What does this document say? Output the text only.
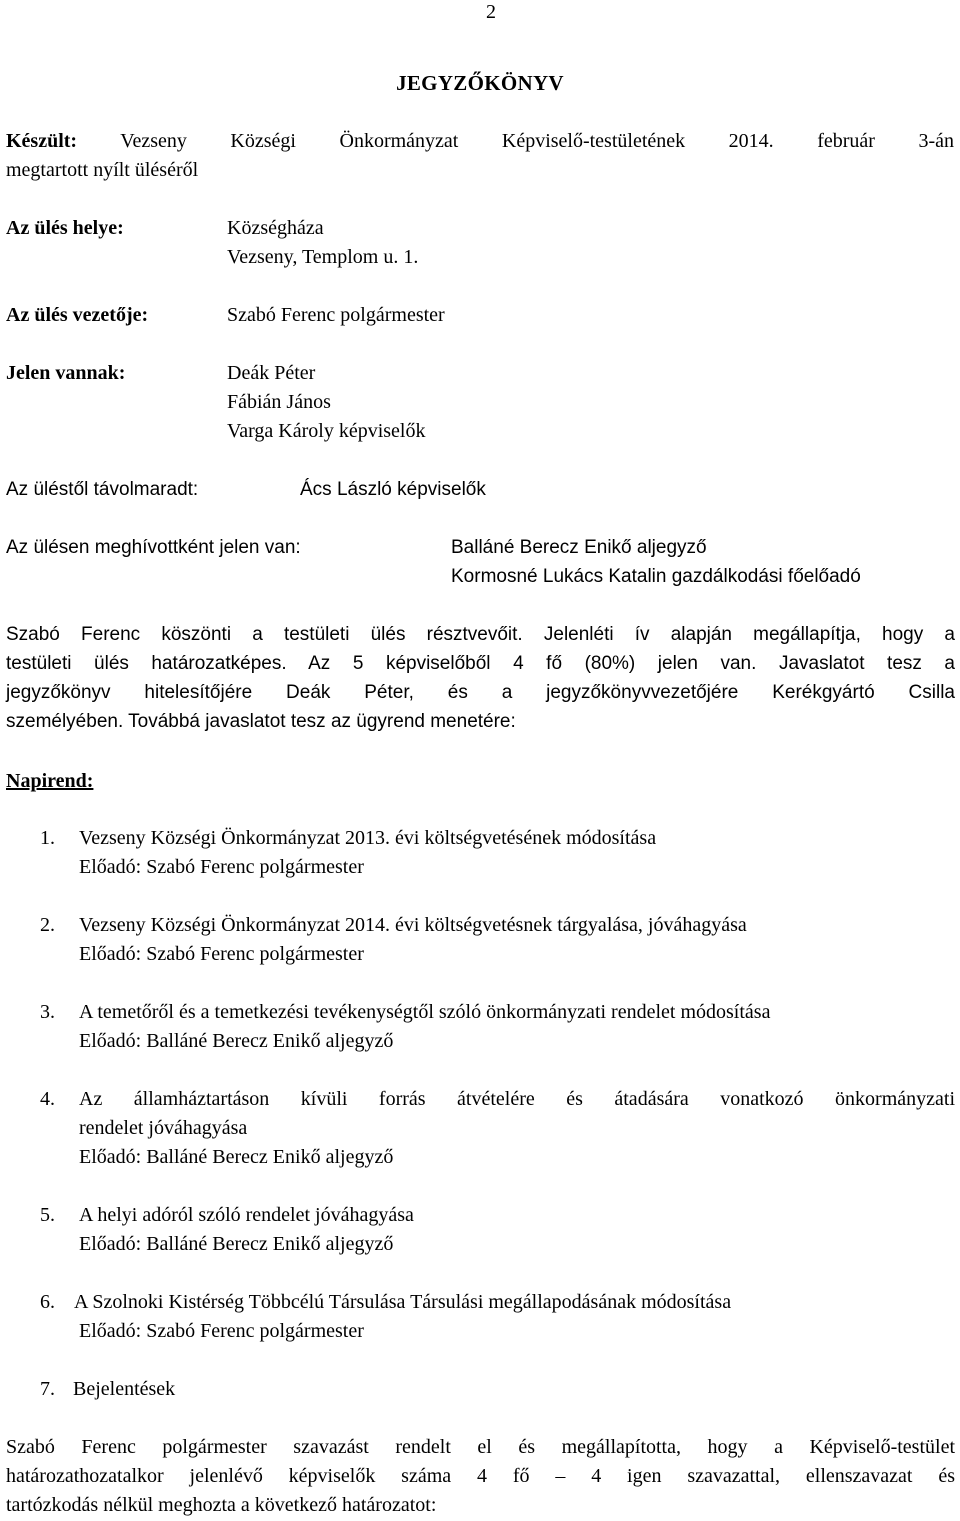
2
JEGYZŐKÖNYV
Készült: Vezseny Községi Önkormányzat Képviselő-testületének 2014. február 3-án
megtartott nyílt üléséről
Az ülés helye:	Községháza
Vezseny, Templom u. 1.
Az ülés vezetője:	Szabó Ferenc polgármester
Jelen vannak:	Deák Péter
Fábián János
Varga Károly képviselők
Az üléstől távolmaradt:	Ács László képviselők
Az ülésen meghívottként jelen van:	Balláné Berecz Enikő aljegyző
Kormosné Lukács Katalin gazdálkodási főelőadó
Szabó Ferenc köszönti a testületi ülés résztvevőit. Jelenléti ív alapján megállapítja, hogy a
testületi ülés határozatképes. Az 5 képviselőből 4 fő (80%) jelen van. Javaslatot tesz a
jegyzőkönyv hitelesítőjére Deák Péter, és a jegyzőkönyvvezetőjére Kerékgyártó Csilla
személyében. Továbbá javaslatot tesz az ügyrend menetére:
Napirend:
1. Vezseny Községi Önkormányzat 2013. évi költségvetésének módosítása
Előadó: Szabó Ferenc polgármester
2. Vezseny Községi Önkormányzat 2014. évi költségvetésnek tárgyalása, jóváhagyása
Előadó: Szabó Ferenc polgármester
3. A temetőről és a temetkezési tevékenységtől szóló önkormányzati rendelet módosítása
Előadó: Balláné Berecz Enikő aljegyző
4. Az államháztartáson kívüli forrás átvételére és átadására vonatkozó önkormányzati
rendelet jóváhagyása
Előadó: Balláné Berecz Enikő aljegyző
5. A helyi adóról szóló rendelet jóváhagyása
Előadó: Balláné Berecz Enikő aljegyző
6. A Szolnoki Kistérség Többcélú Társulása Társulási megállapodásának módosítása
Előadó: Szabó Ferenc polgármester
7. Bejelentések
Szabó Ferenc polgármester szavazást rendelt el és megállapította, hogy a Képviselő-testület
határozathozatalkor jelenlévő képviselők száma 4 fő – 4 igen szavazattal, ellenszavazat és
tartózkodás nélkül meghozta a következő határozatot:
